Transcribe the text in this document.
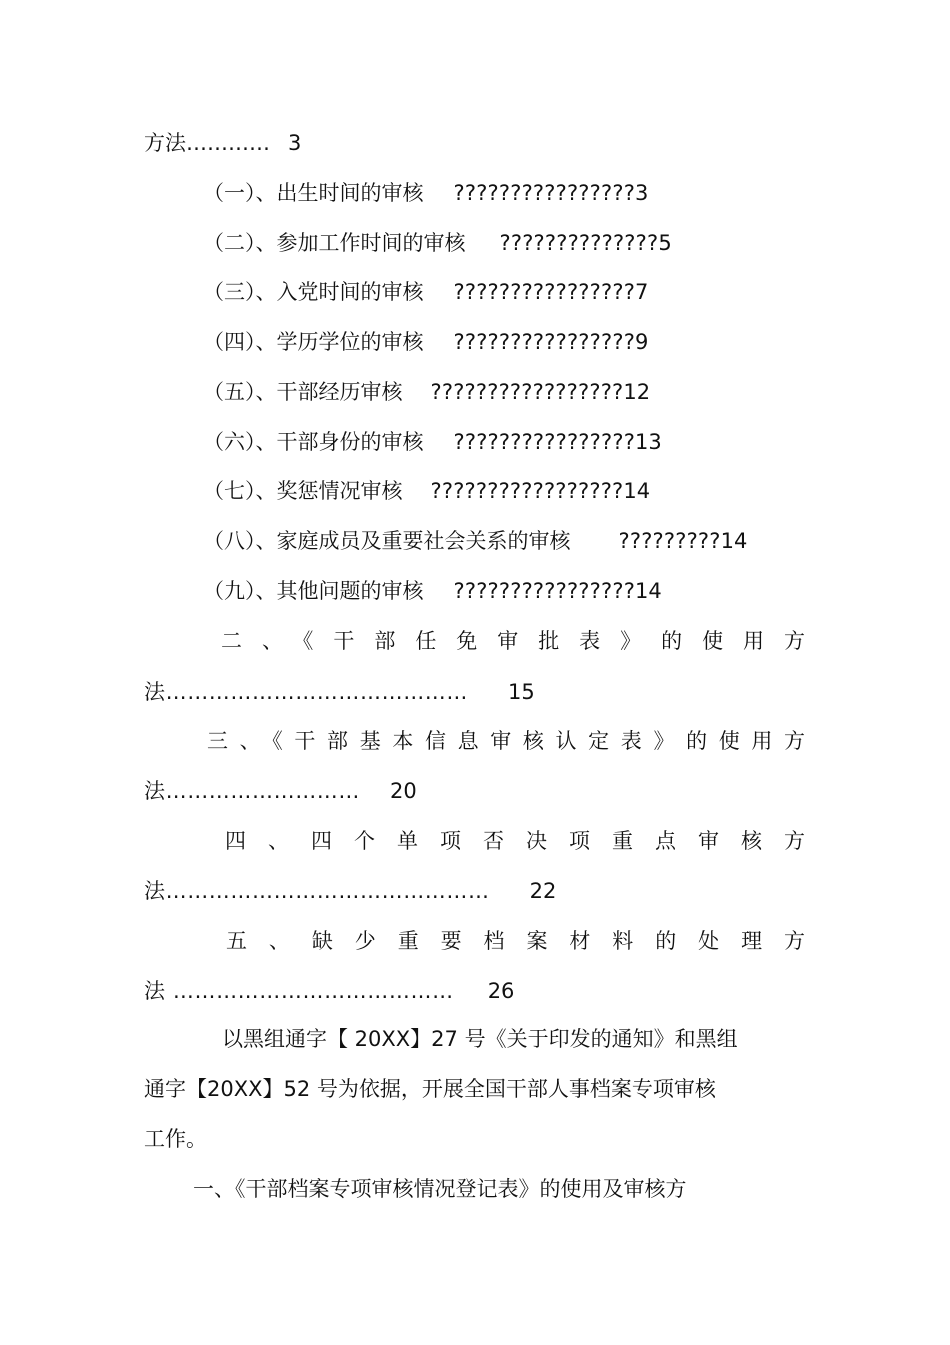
方法………… 3
（一）、出生时间的审核 ????????????????3
（二）、参加工作时间的审核 ??????????????5
（三）、入党时间的审核 ????????????????7
（四）、学历学位的审核 ????????????????9
（五）、干部经历审核 ?????????????????12
（六）、干部身份的审核 ????????????????13
（七）、奖惩情况审核 ?????????????????14
（八）、家庭成员及重要社会关系的审核 ?????????14
（九）、其他问题的审核 ????????????????14
二、《干部任免审批表》的使用方
法…………………………………… 15
三、《干部基本信息审核认定表》的使用方
法……………………… 20
四、四个单项否决项重点审核方
法……………………………………… 22
五、缺少重要档案材料的处理方
法 ………………………………… 26
以黑组通字【 20XX】27 号《关于印发的通知》和黑组
通字【20XX】52 号为依据，开展全国干部人事档案专项审核
工作。
一、《干部档案专项审核情况登记表》的使用及审核方
